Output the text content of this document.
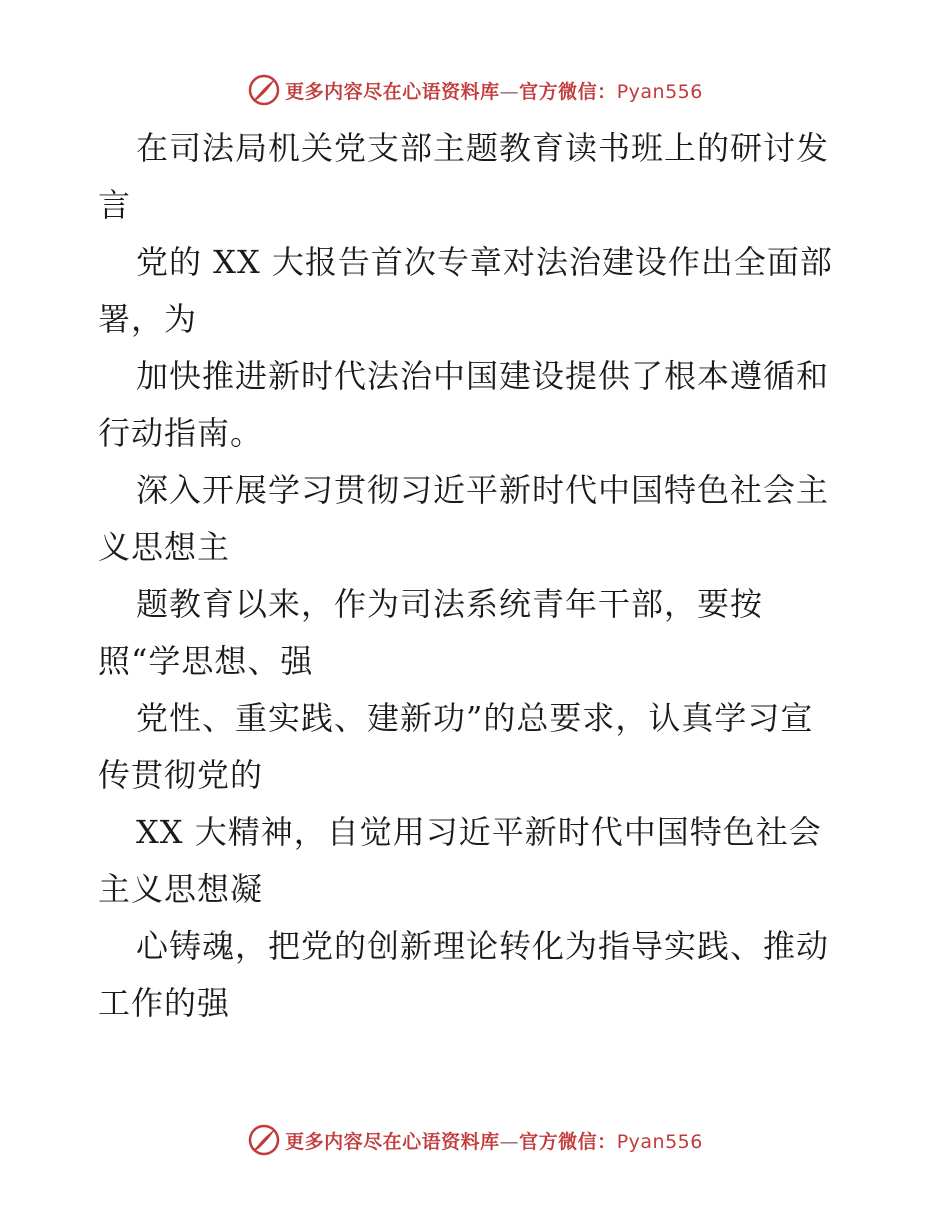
更多内容尽在心语资料库—官方微信：Pyan556
在司法局机关党支部主题教育读书班上的研讨发
言
党的 XX 大报告首次专章对法治建设作出全面部
署，为
加快推进新时代法治中国建设提供了根本遵循和
行动指南。
深入开展学习贯彻习近平新时代中国特色社会主
义思想主
题教育以来，作为司法系统青年干部，要按
照“学思想、强
党性、重实践、建新功”的总要求，认真学习宣
传贯彻党的
XX 大精神，自觉用习近平新时代中国特色社会
主义思想凝
心铸魂，把党的创新理论转化为指导实践、推动
工作的强
更多内容尽在心语资料库—官方微信：Pyan556
